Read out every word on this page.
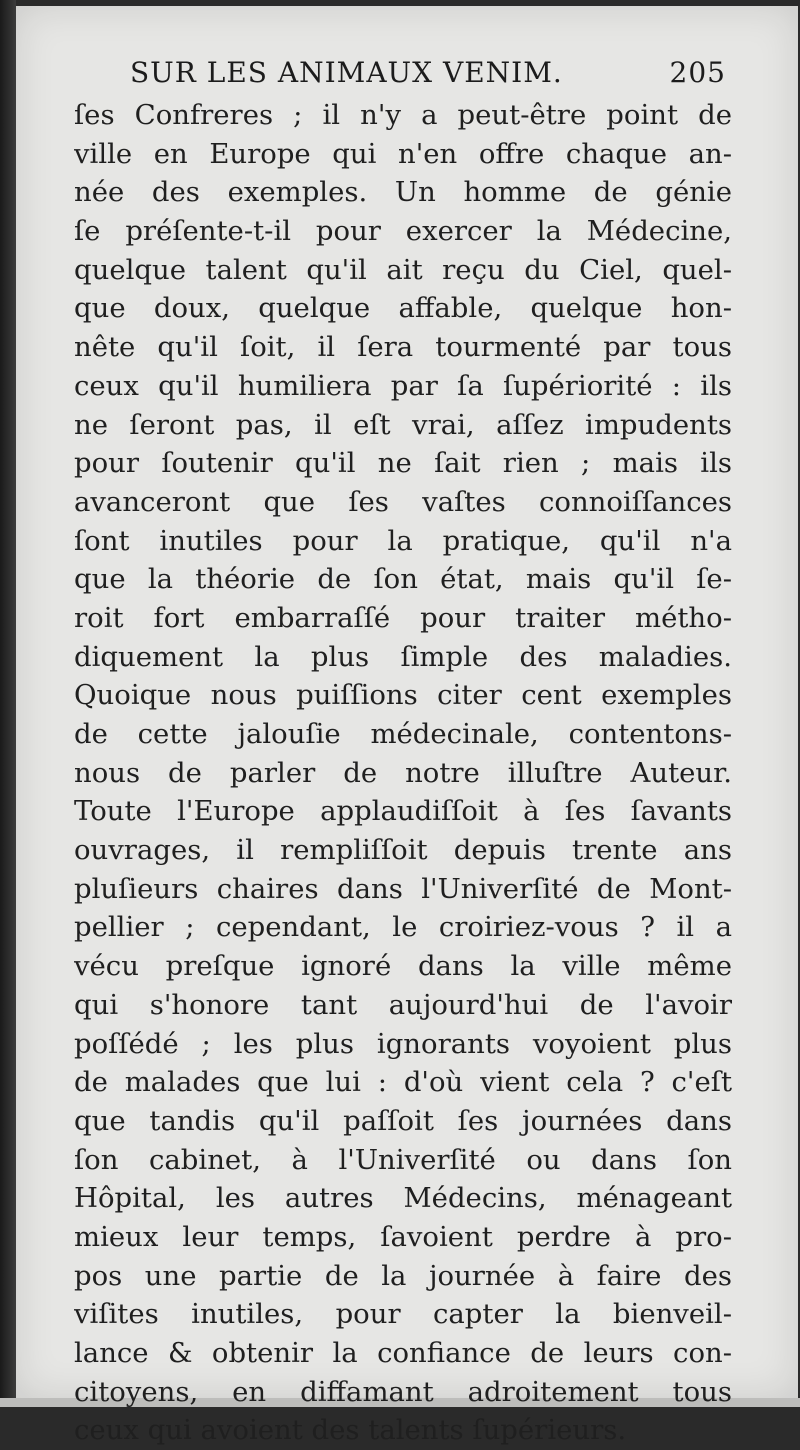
SUR LES ANIMAUX VENIM.	205
ſes Confreres ; il n'y a peut-être point de
ville en Europe qui n'en offre chaque an-
née des exemples. Un homme de génie
ſe préſente-t-il pour exercer la Médecine,
quelque talent qu'il ait reçu du Ciel, quel-
que doux, quelque affable, quelque hon-
nête qu'il ſoit, il ſera tourmenté par tous
ceux qu'il humiliera par ſa ſupériorité : ils
ne ſeront pas, il eſt vrai, aſſez impudents
pour ſoutenir qu'il ne ſait rien ; mais ils
avanceront que ſes vaſtes connoiſſances
ſont inutiles pour la pratique, qu'il n'a
que la théorie de ſon état, mais qu'il ſe-
roit fort embarraſſé pour traiter métho-
diquement la plus ſimple des maladies.
Quoique nous puiſſions citer cent exemples
de cette jalouſie médecinale, contentons-
nous de parler de notre illuſtre Auteur.
Toute l'Europe applaudiſſoit à ſes ſavants
ouvrages, il rempliſſoit depuis trente ans
pluſieurs chaires dans l'Univerſité de Mont-
pellier ; cependant, le croiriez-vous ? il a
vécu preſque ignoré dans la ville même
qui s'honore tant aujourd'hui de l'avoir
poſſédé ; les plus ignorants voyoient plus
de malades que lui : d'où vient cela ? c'eſt
que tandis qu'il paſſoit ſes journées dans
ſon cabinet, à l'Univerſité ou dans ſon
Hôpital, les autres Médecins, ménageant
mieux leur temps, ſavoient perdre à pro-
pos une partie de la journée à faire des
viſites inutiles, pour capter la bienveil-
lance & obtenir la confiance de leurs con-
citoyens, en diffamant adroitement tous
ceux qui avoient des talents ſupérieurs.
